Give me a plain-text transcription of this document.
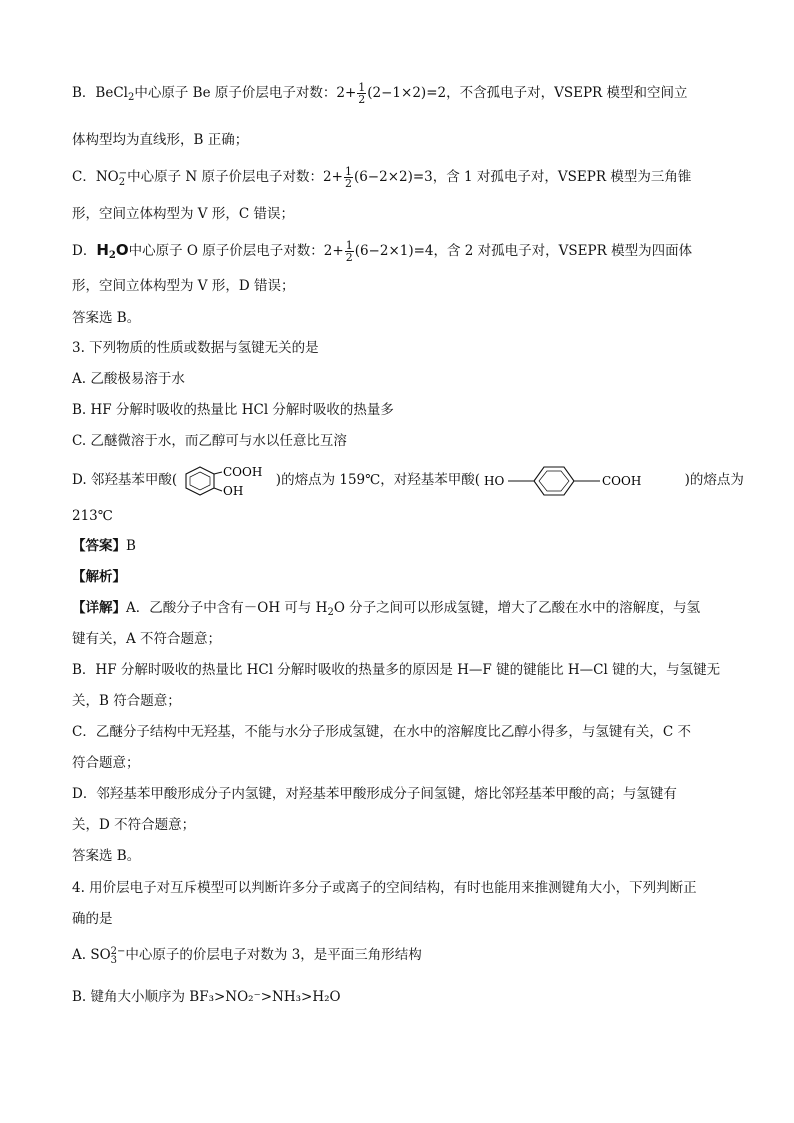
B．BeCl$_2$中心原子 Be 原子价层电子对数：$2+ \frac{1}{2} (2-1\times 2)=2$，不含孤电子对，VSEPR 模型和空间立
体构型均为直线形，B 正确；
C．NO −
2 中心原子 N 原子价层电子对数：$2+ \frac{1}{2} (6-2\times 2)=3$，含 1 对孤电子对，VSEPR 模型为三角锥
形，空间立体构型为 V 形，C 错误；
D．$H_2O$中心原子 O 原子价层电子对数：$2+ \frac{1}{2} (6-2\times 1)=4$，含 2 对孤电子对，VSEPR 模型为四面体
形，空间立体构型为 V 形，D 错误；
答案选 B。
3. 下列物质的性质或数据与氢键无关的是
A. 乙酸极易溶于水
B. HF 分解时吸收的热量比 HCl 分解时吸收的热量多
C. 乙醚微溶于水，而乙醇可与水以任意比互溶
D. 邻羟基苯甲酸(
COOH
OH
)的熔点为 159℃，对羟基苯甲酸( HO	COOH	)的熔点为
213℃
【答案】B
【解析】
【详解】A．乙酸分子中含有－OH 可与 $H_2O$ 分子之间可以形成氢键，增大了乙酸在水中的溶解度，与氢
键有关，A 不符合题意；
B．HF 分解时吸收的热量比 HCl 分解时吸收的热量多的原因是 H—F 键的键能比 H—Cl 键的大，与氢键无
关，B 符合题意；
C．乙醚分子结构中无羟基，不能与水分子形成氢键，在水中的溶解度比乙醇小得多，与氢键有关，C 不
符合题意；
D．邻羟基苯甲酸形成分子内氢键，对羟基苯甲酸形成分子间氢键，熔比邻羟基苯甲酸的高；与氢键有
关，D 不符合题意；
答案选 B。
4. 用价层电子对互斥模型可以判断许多分子或离子的空间结构，有时也能用来推测键角大小，下列判断正
确的是
A. SO 2−
3 中心原子的价层电子对数为 3，是平面三角形结构
B. 键角大小顺序为 BF₃>NO₂⁻>NH₃>H₂O
